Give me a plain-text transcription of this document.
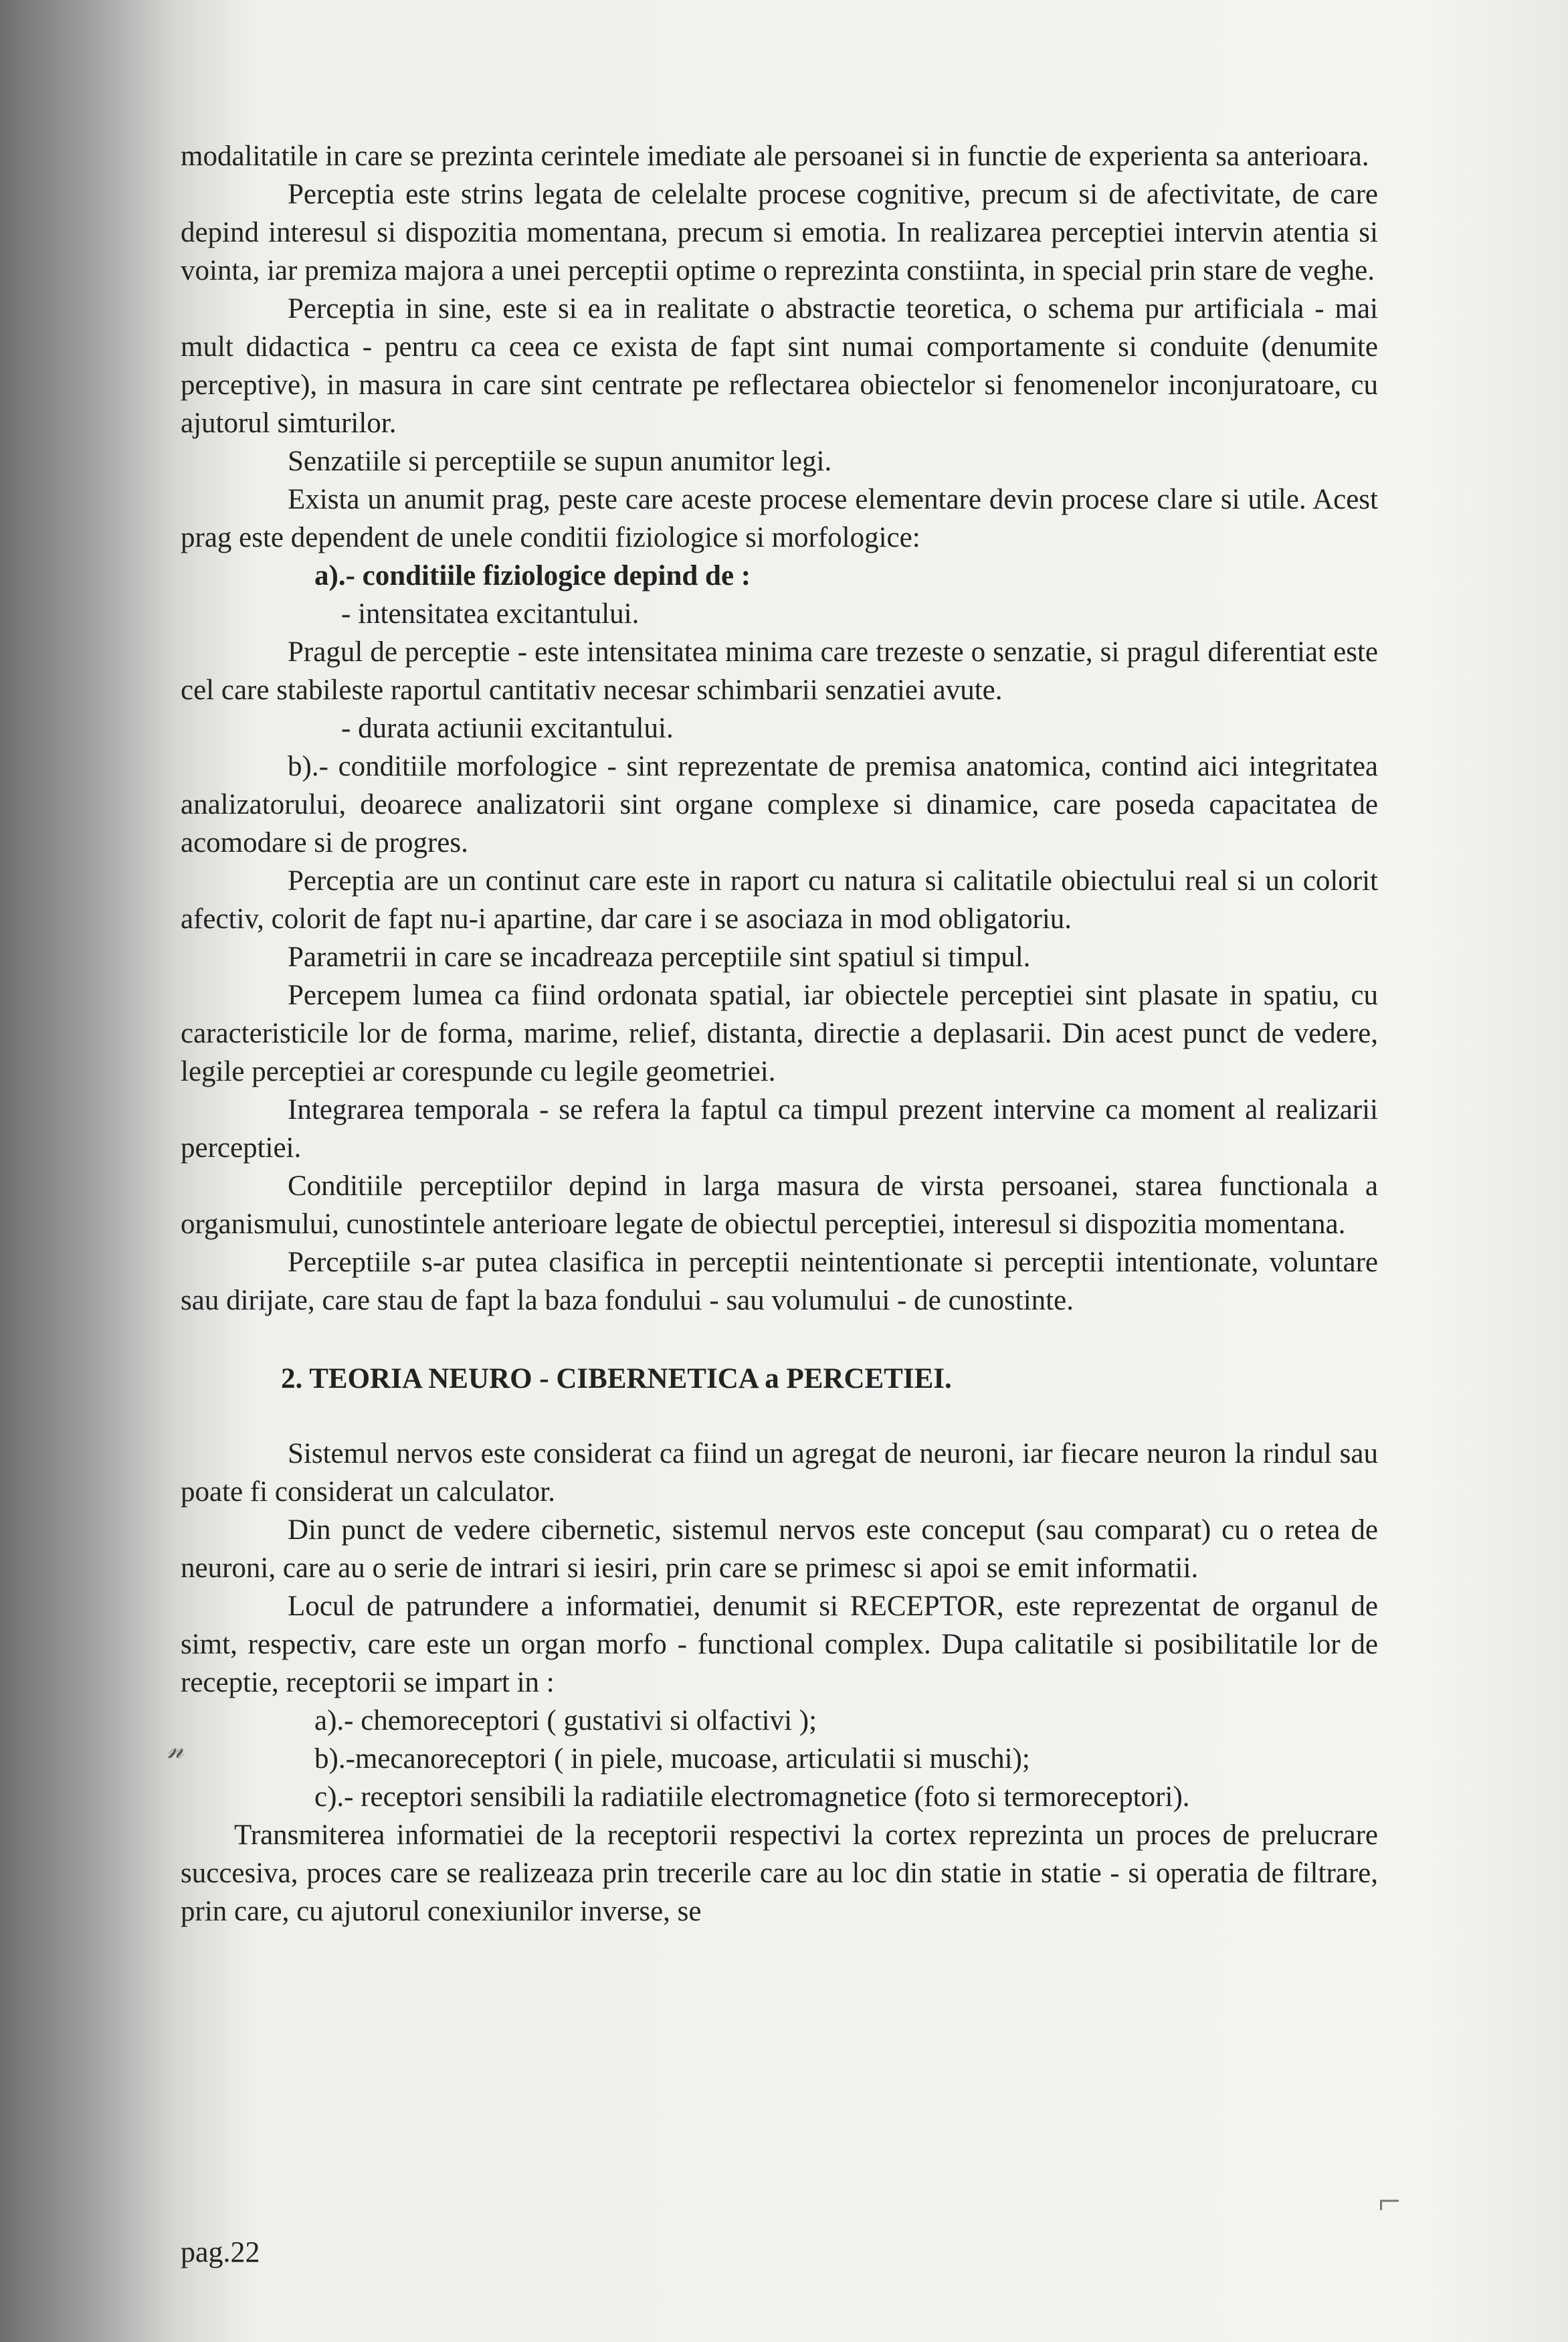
modalitatile in care se prezinta cerintele imediate ale persoanei si in functie de experienta sa anterioara.

Perceptia este strins legata de celelalte procese cognitive, precum si de afectivitate, de care depind interesul si dispozitia momentana, precum si emotia. In realizarea perceptiei intervin atentia si vointa, iar premiza majora a unei perceptii optime o reprezinta constiinta, in special prin stare de veghe.

Perceptia in sine, este si ea in realitate o abstractie teoretica, o schema pur artificiala - mai mult didactica - pentru ca ceea ce exista de fapt sint numai comportamente si conduite (denumite perceptive), in masura in care sint centrate pe reflectarea obiectelor si fenomenelor inconjuratoare, cu ajutorul simturilor.

Senzatiile si perceptiile se supun anumitor legi.

Exista un anumit prag, peste care aceste procese elementare devin procese clare si utile. Acest prag este dependent de unele conditii fiziologice si morfologice:

a).- conditiile fiziologice depind de :

- intensitatea excitantului.

Pragul de perceptie - este intensitatea minima care trezeste o senzatie, si pragul diferentiat este cel care stabileste raportul cantitativ necesar schimbarii senzatiei avute.

- durata actiunii excitantului.

b).- conditiile morfologice - sint reprezentate de premisa anatomica, contind aici integritatea analizatorului, deoarece analizatorii sint organe complexe si dinamice, care poseda capacitatea de acomodare si de progres.

Perceptia are un continut care este in raport cu natura si calitatile obiectului real si un colorit afectiv, colorit de fapt nu-i apartine, dar care i se asociaza in mod obligatoriu.

Parametrii in care se incadreaza perceptiile sint spatiul si timpul.

Percepem lumea ca fiind ordonata spatial, iar obiectele perceptiei sint plasate in spatiu, cu caracteristicile lor de forma, marime, relief, distanta, directie a deplasarii. Din acest punct de vedere, legile perceptiei ar corespunde cu legile geometriei.

Integrarea temporala - se refera la faptul ca timpul prezent intervine ca moment al realizarii perceptiei.

Conditiile perceptiilor depind in larga masura de virsta persoanei, starea functionala a organismului, cunostintele anterioare legate de obiectul perceptiei, interesul si dispozitia momentana.

Perceptiile s-ar putea clasifica in perceptii neintentionate si perceptii intentionate, voluntare sau dirijate, care stau de fapt la baza fondului - sau volumului - de cunostinte.

2. TEORIA NEURO - CIBERNETICA a PERCETIEI.

Sistemul nervos este considerat ca fiind un agregat de neuroni, iar fiecare neuron la rindul sau poate fi considerat un calculator.

Din punct de vedere cibernetic, sistemul nervos este conceput (sau comparat) cu o retea de neuroni, care au o serie de intrari si iesiri, prin care se primesc si apoi se emit informatii.

Locul de patrundere a informatiei, denumit si RECEPTOR, este reprezentat de organul de simt, respectiv, care este un organ morfo - functional complex. Dupa calitatile si posibilitatile lor de receptie, receptorii se impart in :

a).- chemoreceptori ( gustativi si olfactivi );

b).-mecanoreceptori ( in piele, mucoase, articulatii si muschi);

c).- receptori sensibili la radiatiile electromagnetice (foto si termoreceptori).

Transmiterea informatiei de la receptorii respectivi la cortex reprezinta un proces de prelucrare succesiva, proces care se realizeaza prin trecerile care au loc din statie in statie - si operatia de filtrare, prin care, cu ajutorul conexiunilor inverse, se

𝓃
⌐
pag.22
